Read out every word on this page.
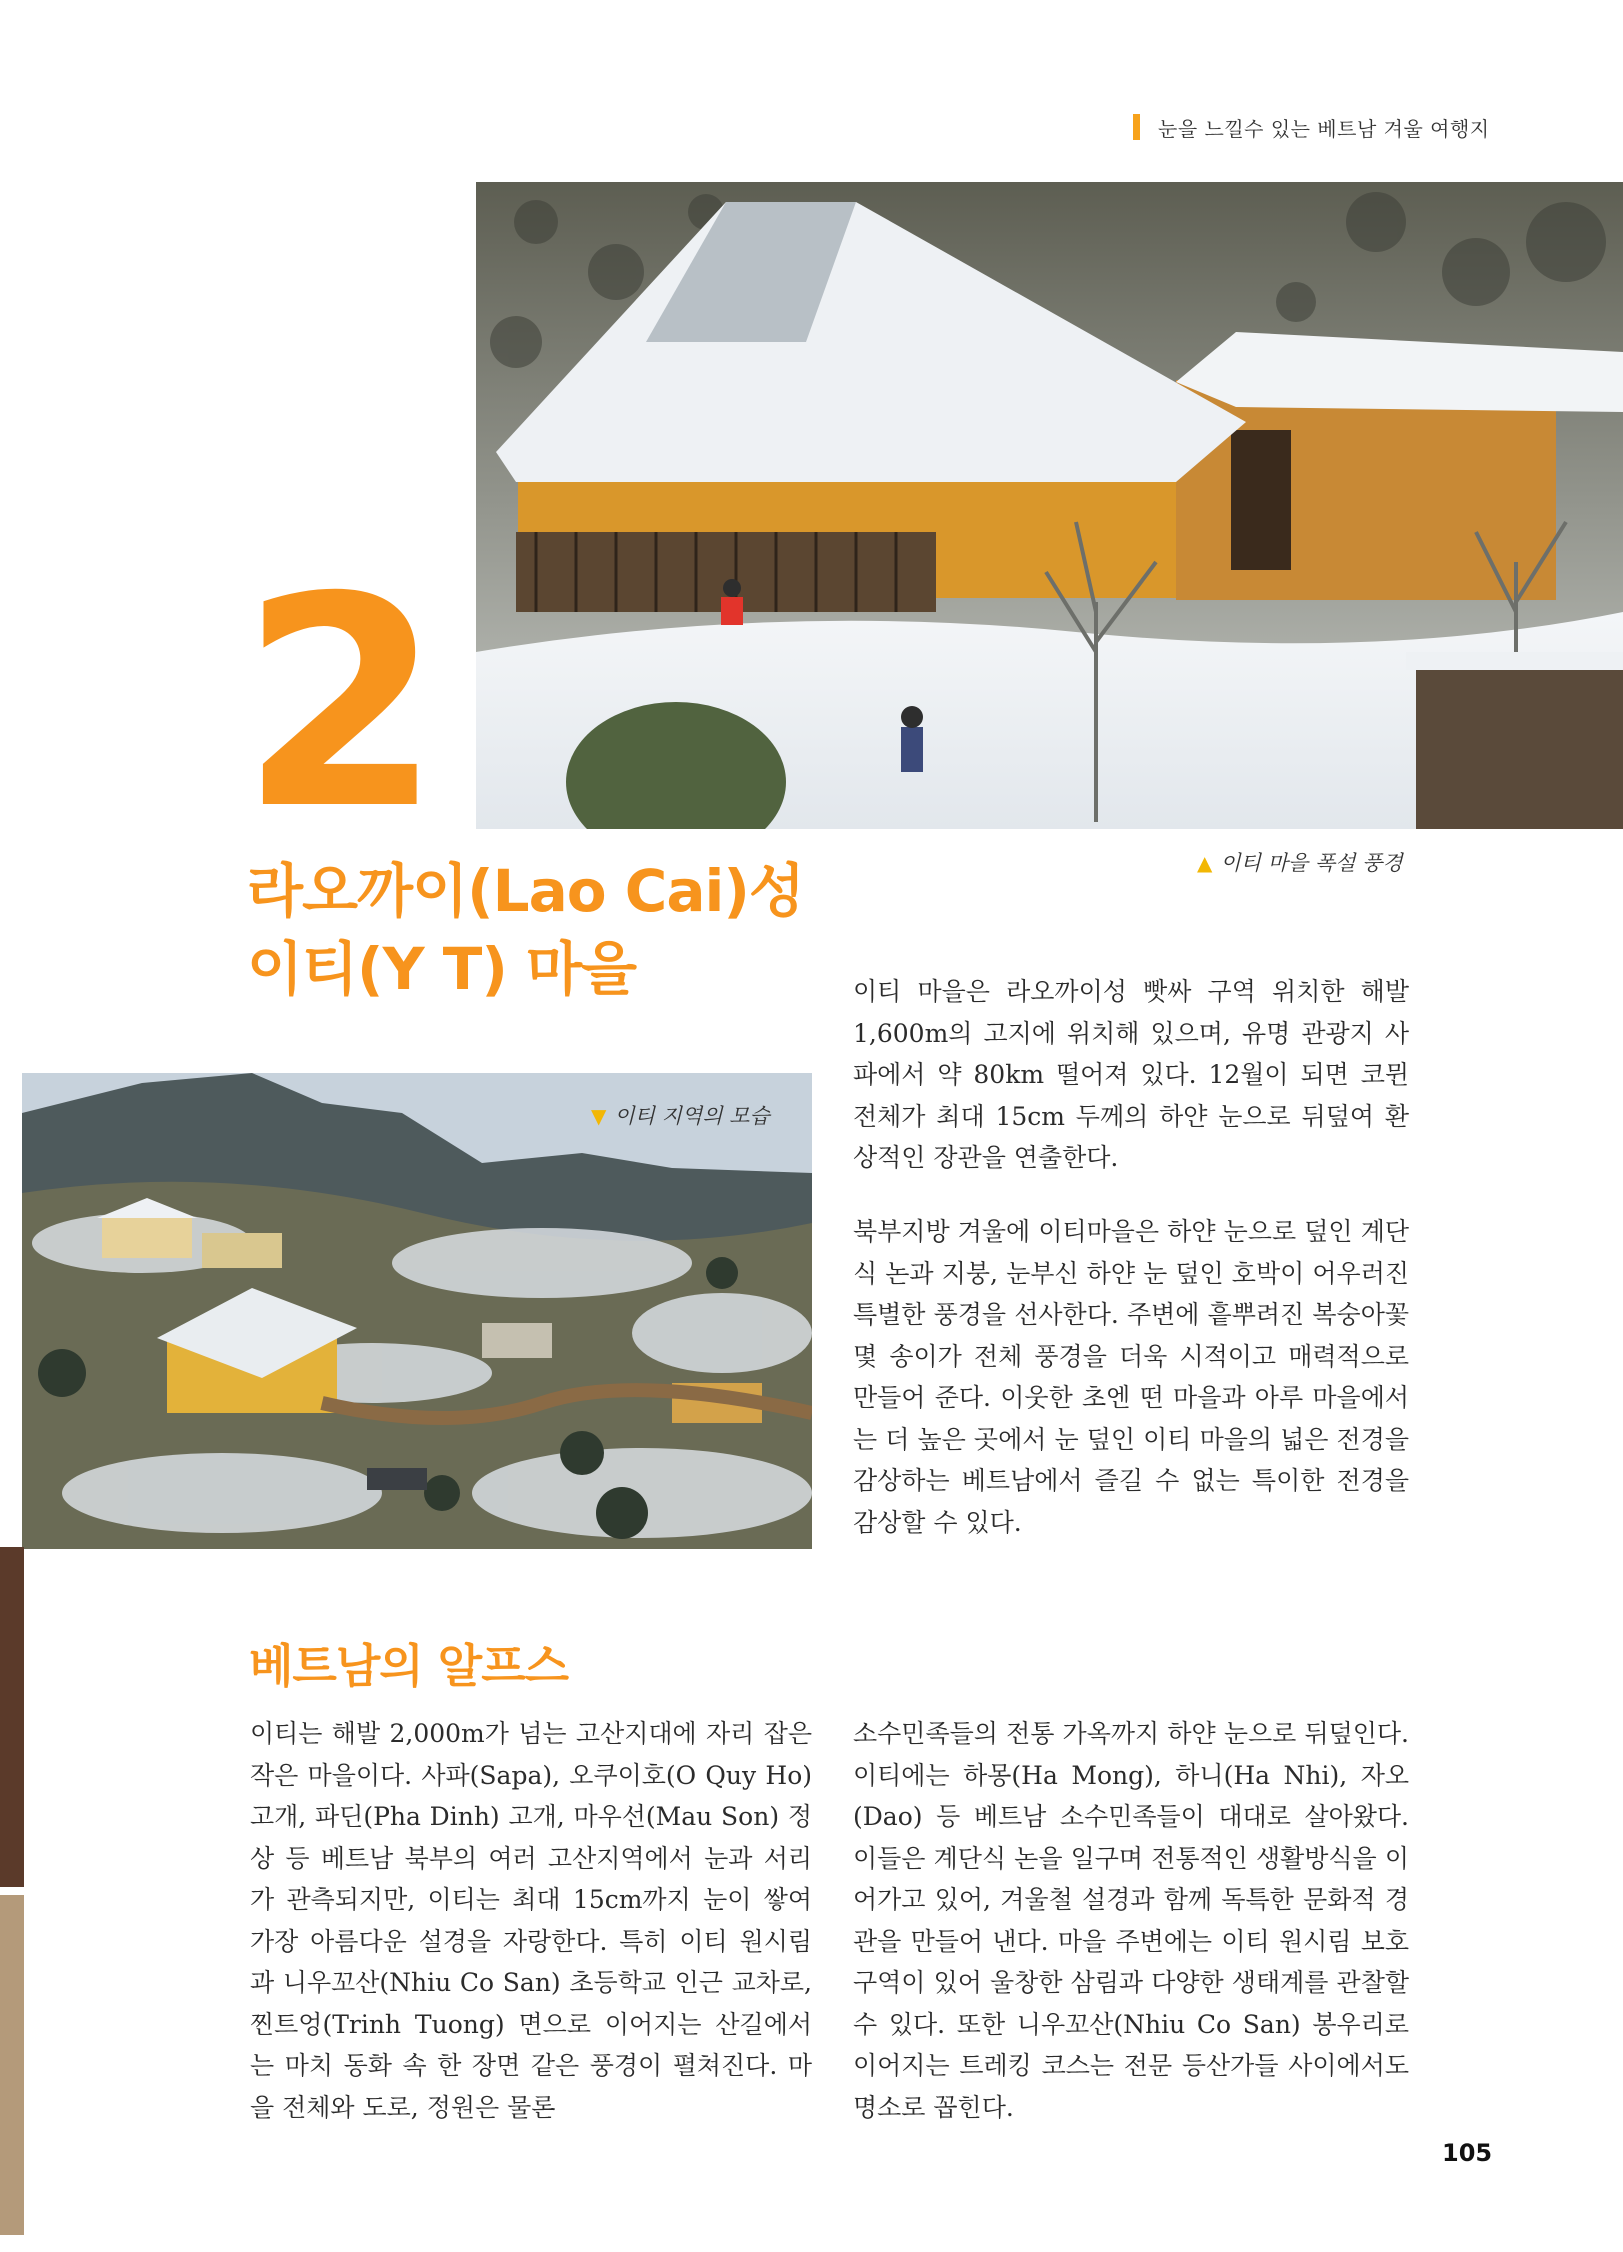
눈을 느낄수 있는 베트남 겨울 여행지
2	▲ 이티 마을 폭설 풍경
라오까이(Lao Cai)성
이티(Y T) 마을	이티 마을은 라오까이성 빳싸 구역 위치한 해발 1,600m의 고지에 위치해 있으며, 유명 관광지 사파에서 약 80km 떨어져 있다. 12월이 되면 코뮌 전체가 최대 15cm 두께의 하얀 눈으로 뒤덮여 환상적인 장관을 연출한다.
북부지방 겨울에 이티마을은 하얀 눈으로 덮인 계단식 논과 지붕, 눈부신 하얀 눈 덮인 호박이 어우러진 특별한 풍경을 선사한다. 주변에 흩뿌려진 복숭아꽃 몇 송이가 전체 풍경을 더욱 시적이고 매력적으로 만들어 준다. 이웃한 초엔 떤 마을과 아루 마을에서는 더 높은 곳에서 눈 덮인 이티 마을의 넓은 전경을 감상하는 베트남에서 즐길 수 없는 특이한 전경을 감상할 수 있다.
▼ 이티 지역의 모습
베트남의 알프스
이티는 해발 2,000m가 넘는 고산지대에 자리 잡은 작은 마을이다. 사파(Sapa), 오쿠이호(O Quy Ho) 고개, 파딘(Pha Dinh) 고개, 마우선(Mau Son) 정상 등 베트남 북부의 여러 고산지역에서 눈과 서리가 관측되지만, 이티는 최대 15cm까지 눈이 쌓여 가장 아름다운 설경을 자랑한다. 특히 이티 원시림과 니우꼬산(Nhiu Co San) 초등학교 인근 교차로, 찐트엉(Trinh Tuong) 면으로 이어지는 산길에서는 마치 동화 속 한 장면 같은 풍경이 펼쳐진다. 마을 전체와 도로, 정원은 물론
소수민족들의 전통 가옥까지 하얀 눈으로 뒤덮인다. 이티에는 하몽(Ha Mong), 하니(Ha Nhi), 자오(Dao) 등 베트남 소수민족들이 대대로 살아왔다. 이들은 계단식 논을 일구며 전통적인 생활방식을 이어가고 있어, 겨울철 설경과 함께 독특한 문화적 경관을 만들어 낸다. 마을 주변에는 이티 원시림 보호구역이 있어 울창한 삼림과 다양한 생태계를 관찰할 수 있다. 또한 니우꼬산(Nhiu Co San) 봉우리로 이어지는 트레킹 코스는 전문 등산가들 사이에서도 명소로 꼽힌다.
105
